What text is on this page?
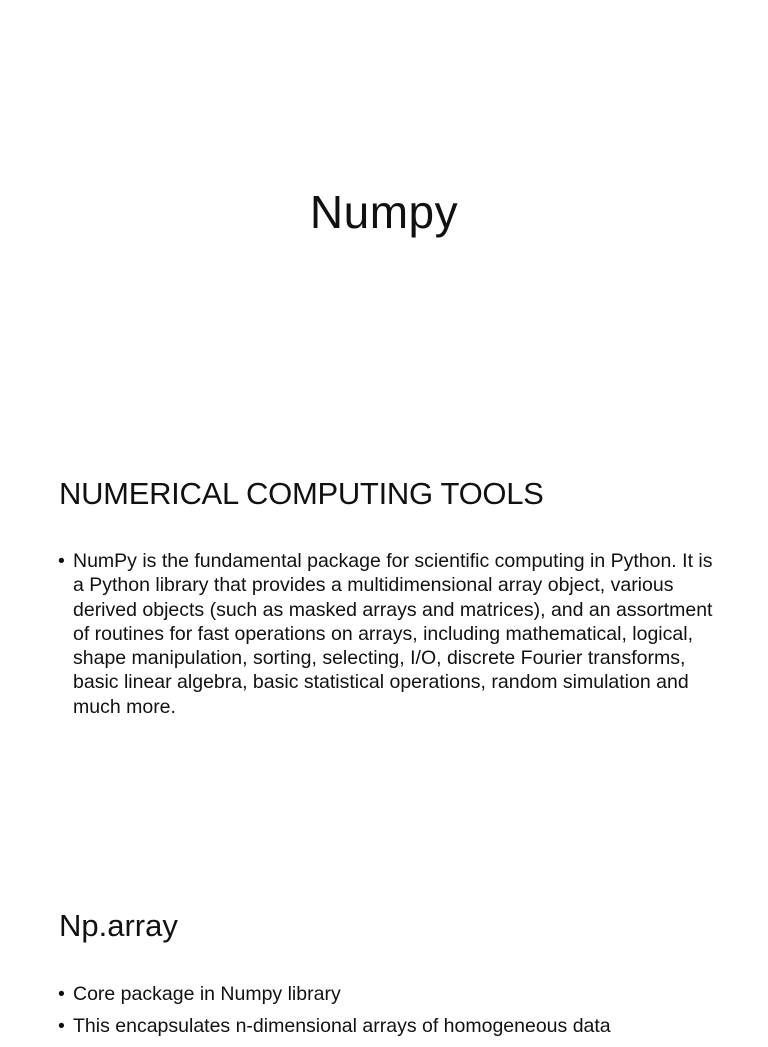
Numpy
NUMERICAL COMPUTING TOOLS
• NumPy is the fundamental package for scientific computing in Python. It is a Python library that provides a multidimensional array object, various derived objects (such as masked arrays and matrices), and an assortment of routines for fast operations on arrays, including mathematical, logical, shape manipulation, sorting, selecting, I/O, discrete Fourier transforms, basic linear algebra, basic statistical operations, random simulation and much more.
Np.array
• Core package in Numpy library
• This encapsulates n-dimensional arrays of homogeneous data
